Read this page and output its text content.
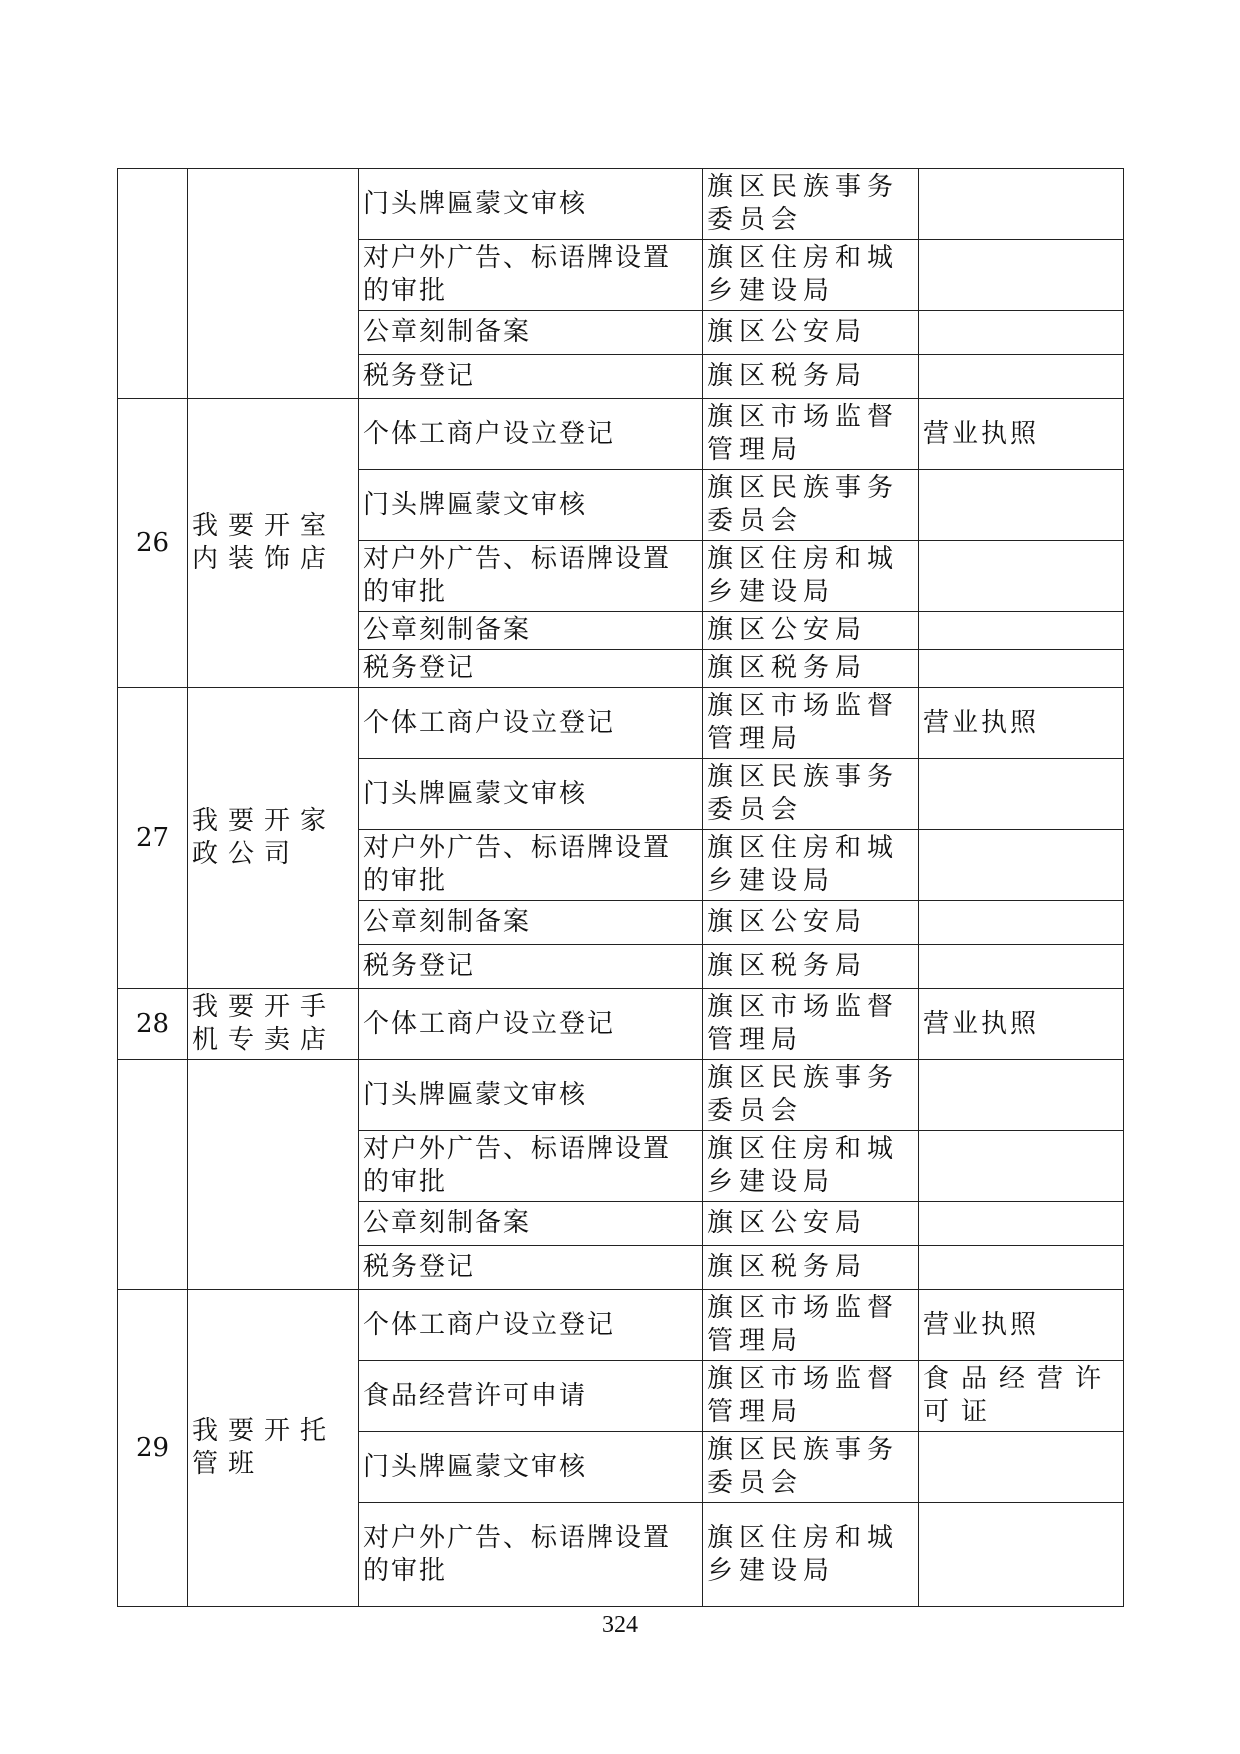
		门头牌匾蒙文审核	旗区民族事务委员会	
		对户外广告、标语牌设置的审批	旗区住房和城乡建设局	
		公章刻制备案	旗区公安局	
		税务登记	旗区税务局	
26	我要开室内装饰店	个体工商户设立登记	旗区市场监督管理局	营业执照
		门头牌匾蒙文审核	旗区民族事务委员会	
		对户外广告、标语牌设置的审批	旗区住房和城乡建设局	
		公章刻制备案	旗区公安局	
		税务登记	旗区税务局	
27	我要开家政公司	个体工商户设立登记	旗区市场监督管理局	营业执照
		门头牌匾蒙文审核	旗区民族事务委员会	
		对户外广告、标语牌设置的审批	旗区住房和城乡建设局	
		公章刻制备案	旗区公安局	
		税务登记	旗区税务局	
28	我要开手机专卖店	个体工商户设立登记	旗区市场监督管理局	营业执照
		门头牌匾蒙文审核	旗区民族事务委员会	
		对户外广告、标语牌设置的审批	旗区住房和城乡建设局	
		公章刻制备案	旗区公安局	
		税务登记	旗区税务局	
29	我要开托管班	个体工商户设立登记	旗区市场监督管理局	营业执照
		食品经营许可申请	旗区市场监督管理局	食品经营许可证
		门头牌匾蒙文审核	旗区民族事务委员会	
		对户外广告、标语牌设置的审批	旗区住房和城乡建设局	
324
